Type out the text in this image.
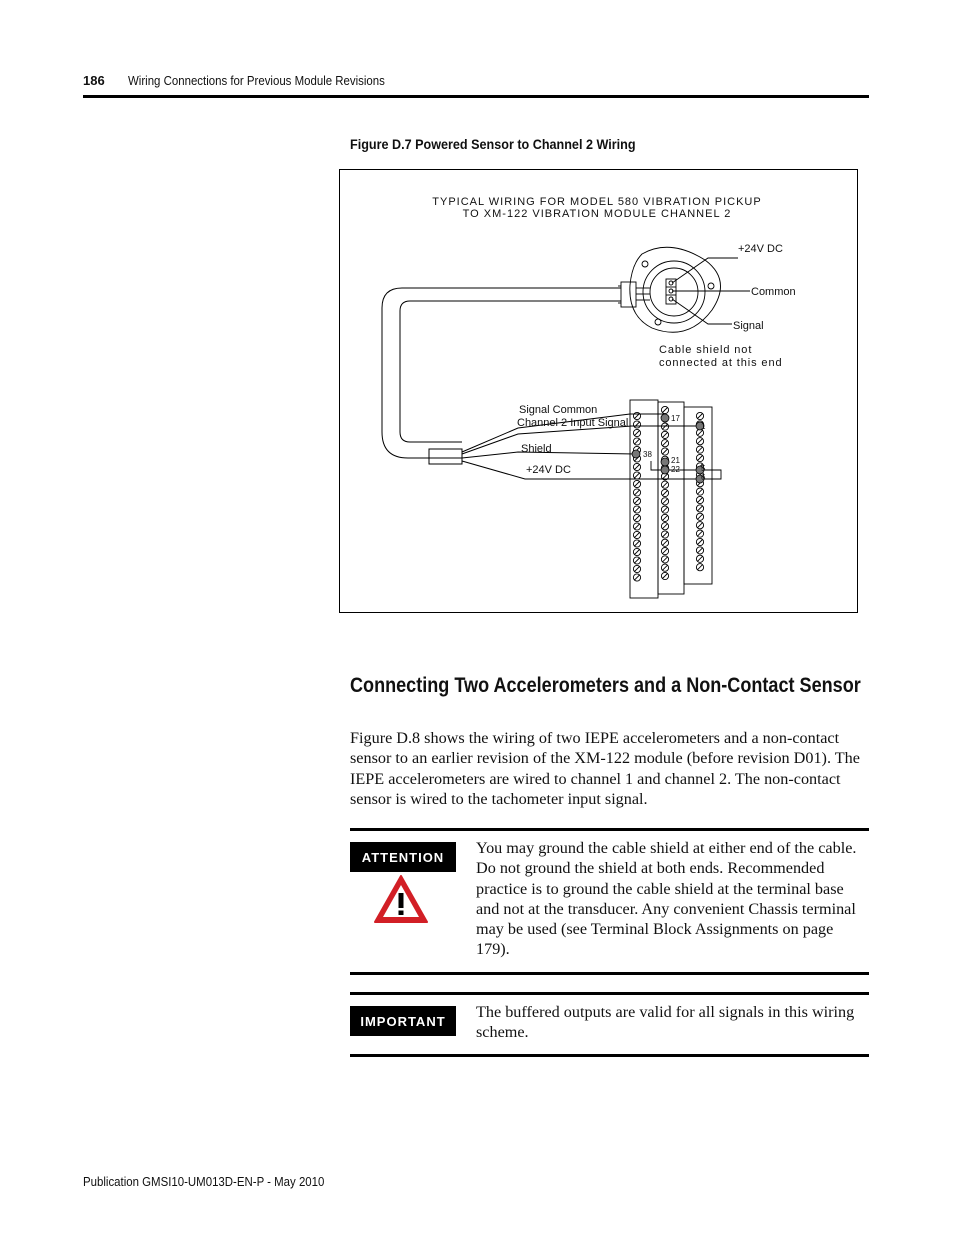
186 Wiring Connections for Previous Module Revisions
Figure D.7 Powered Sensor to Channel 2 Wiring
TYPICAL WIRING FOR MODEL 580 VIBRATION PICKUP
TO XM-122 VIBRATION MODULE CHANNEL 2
+24V DC
Common
Signal
Cable shield not
connected at this end
Signal Common
Channel 2 Input Signal
Shield
+24V DC
17
1
38
21
22	5
6
Connecting Two Accelerometers and a Non-Contact Sensor

Figure D.8 shows the wiring of two IEPE accelerometers and a non-contact sensor to an earlier revision of the XM-122 module (before revision D01). The IEPE accelerometers are wired to channel 1 and channel 2. The non-contact sensor is wired to the tachometer input signal.

ATTENTION	You may ground the cable shield at either end of the cable. Do not ground the shield at both ends. Recommended practice is to ground the cable shield at the terminal base and not at the transducer. Any convenient Chassis terminal may be used (see Terminal Block Assignments on page 179).

IMPORTANT	The buffered outputs are valid for all signals in this wiring scheme.

Publication GMSI10-UM013D-EN-P - May 2010
